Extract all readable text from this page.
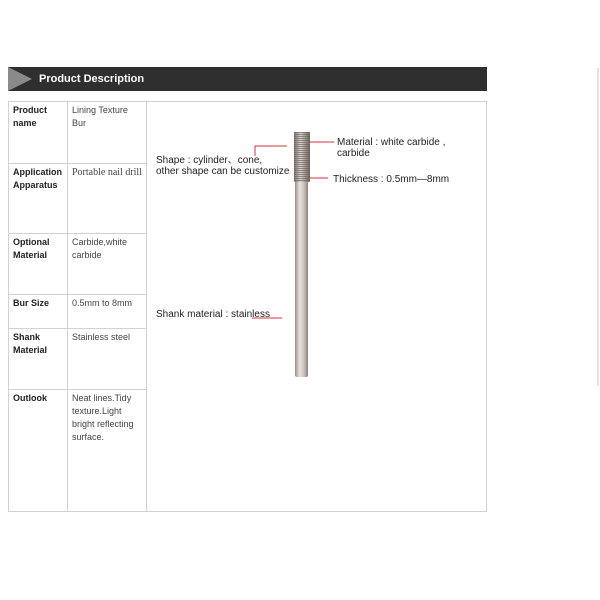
Product Description
Product name
Lining Texture Bur
Application Apparatus
Portable nail drill
Optional Material
Carbide,white carbide
Bur Size	0.5mm to 8mm
Shank Material
Stainless steel
Outlook	Neat lines.Tidy texture.Light bright reflecting surface.
Shape : cylinder、cone,
other shape can be customize
Material : white carbide ,
carbide
Thickness : 0.5mm—8mm
Shank material : stainless
